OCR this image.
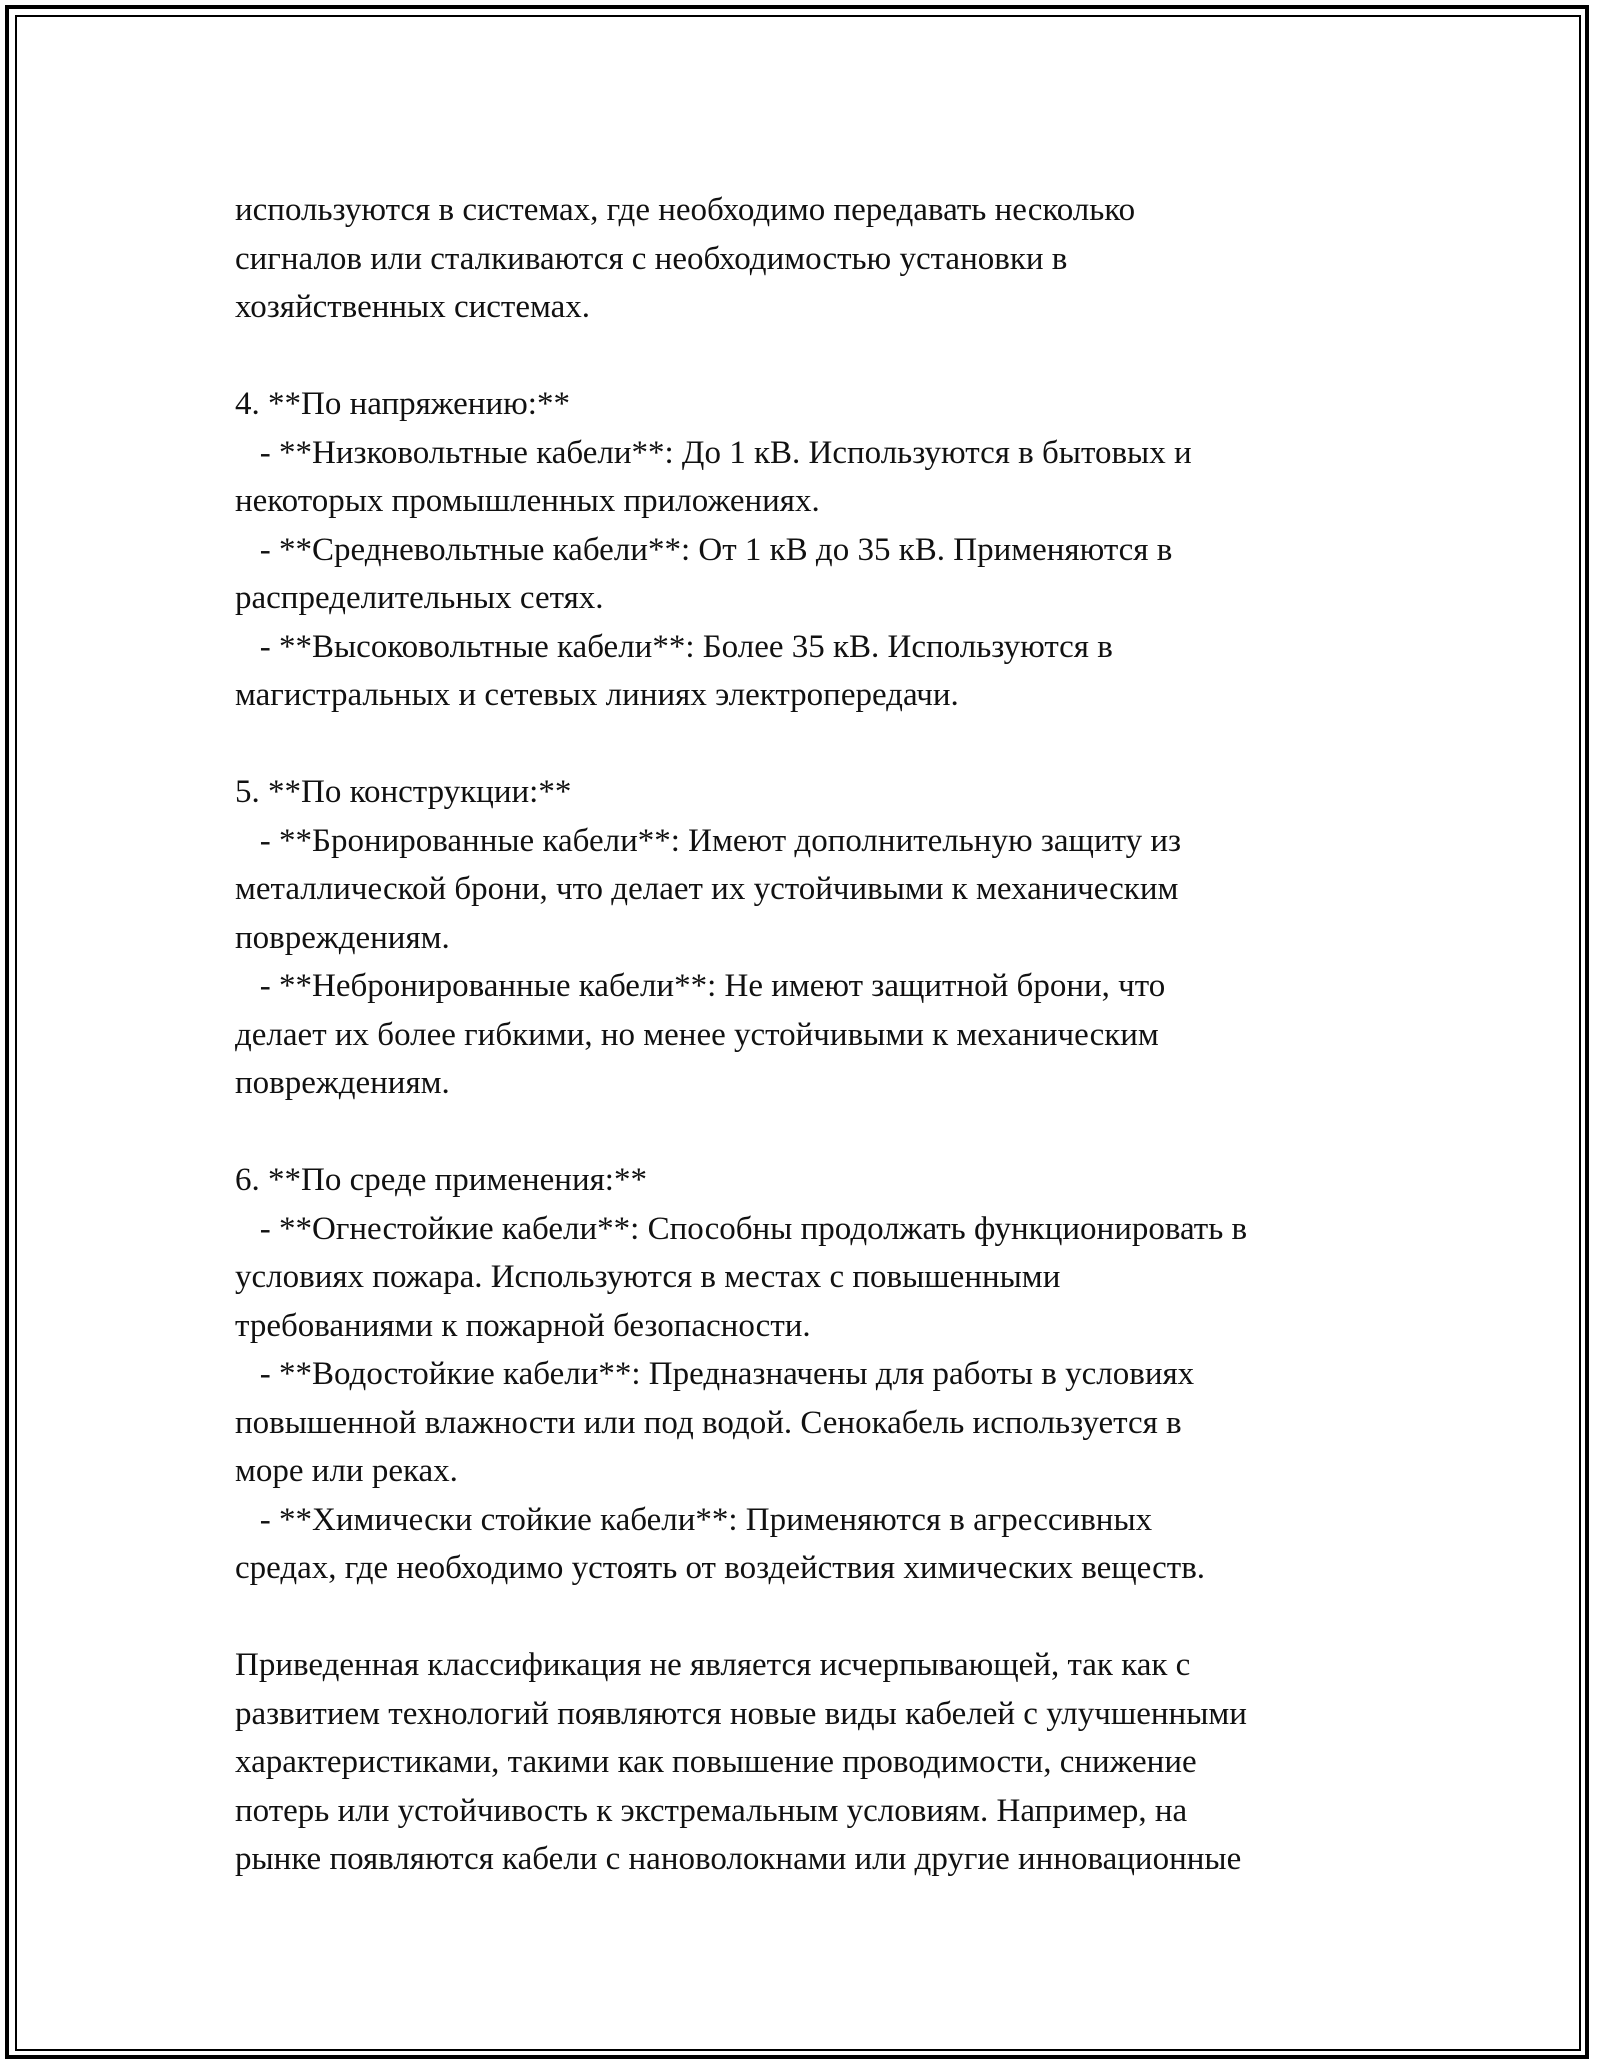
используются в системах, где необходимо передавать несколько
сигналов или сталкиваются с необходимостью установки в
хозяйственных системах.
4. **По напряжению:**
- **Низковольтные кабели**: До 1 кВ. Используются в бытовых и
некоторых промышленных приложениях.
- **Средневольтные кабели**: От 1 кВ до 35 кВ. Применяются в
распределительных сетях.
- **Высоковольтные кабели**: Более 35 кВ. Используются в
магистральных и сетевых линиях электропередачи.
5. **По конструкции:**
- **Бронированные кабели**: Имеют дополнительную защиту из
металлической брони, что делает их устойчивыми к механическим
повреждениям.
- **Небронированные кабели**: Не имеют защитной брони, что
делает их более гибкими, но менее устойчивыми к механическим
повреждениям.
6. **По среде применения:**
- **Огнестойкие кабели**: Способны продолжать функционировать в
условиях пожара. Используются в местах с повышенными
требованиями к пожарной безопасности.
- **Водостойкие кабели**: Предназначены для работы в условиях
повышенной влажности или под водой. Сенокабель используется в
море или реках.
- **Химически стойкие кабели**: Применяются в агрессивных
средах, где необходимо устоять от воздействия химических веществ.
Приведенная классификация не является исчерпывающей, так как с
развитием технологий появляются новые виды кабелей с улучшенными
характеристиками, такими как повышение проводимости, снижение
потерь или устойчивость к экстремальным условиям. Например, на
рынке появляются кабели с нановолокнами или другие инновационные
